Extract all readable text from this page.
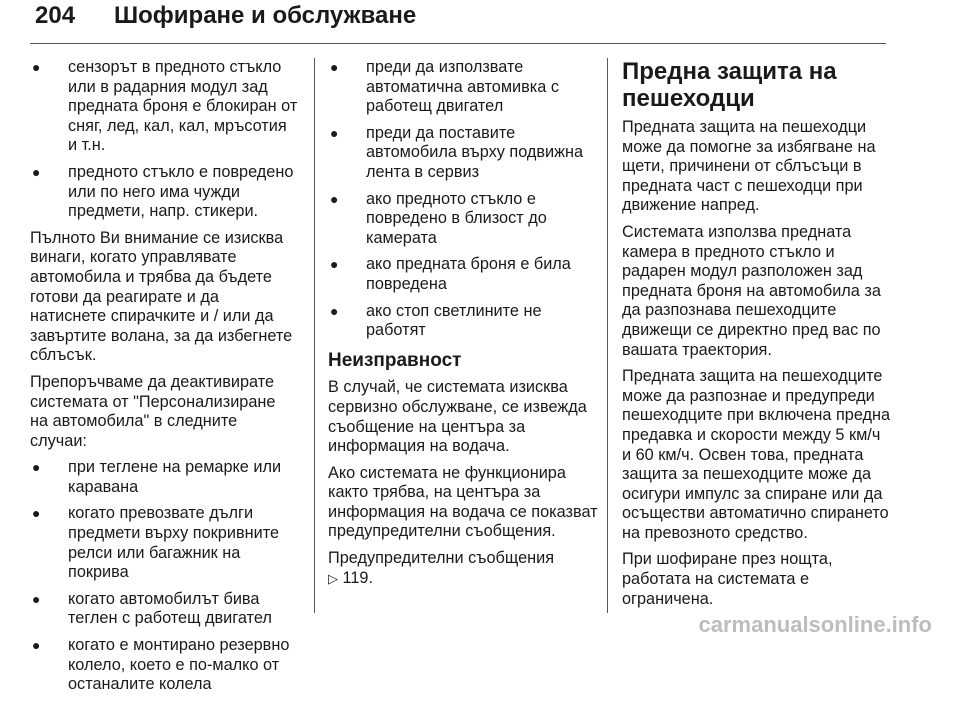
204 Шофиране и обслужване
● сензорът в предното стъкло или в радарния модул зад предната броня е блокиран от сняг, лед, кал, кал, мръсотия и т.н.
● предното стъкло е повредено или по него има чужди предмети, напр. стикери.

Пълното Ви внимание се изисква винаги, когато управлявате автомобила и трябва да бъдете готови да реагирате и да натиснете спирачките и / или да завъртите волана, за да избегнете сблъсък.

Препоръчваме да деактивирате системата от "Персонализиране на автомобила" в следните случаи:

● при теглене на ремарке или каравана
● когато превозвате дълги предмети върху покривните релси или багажник на покрива
● когато автомобилът бива теглен с работещ двигател
● когато е монтирано резервно колело, което е по-малко от останалите колела
● преди да използвате автоматична автомивка с работещ двигател
● преди да поставите автомобила върху подвижна лента в сервиз
● ако предното стъкло е повредено в близост до камерата
● ако предната броня е била повредена
● ако стоп светлините не работят
Неизправност

В случай, че системата изисква сервизно обслужване, се извежда съобщение на центъра за информация на водача.

Ако системата не функционира както трябва, на центъра за информация на водача се показват предупредителни съобщения.

Предупредителни съобщения

▷ 119.

Предна защита на пешеходци

Предната защита на пешеходци може да помогне за избягване на щети, причинени от сблъсъци в предната част с пешеходци при движение напред.

Системата използва предната камера в предното стъкло и радарен модул разположен зад предната броня на автомобила за да разпознава пешеходците движещи се директно пред вас по вашата траектория.

Предната защита на пешеходците може да разпознае и предупреди пешеходците при включена предна предавка и скорости между 5 км/ч и 60 км/ч. Освен това, предната защита за пешеходците може да осигури импулс за спиране или да осъществи автоматично спирането на превозното средство.

При шофиране през нощта, работата на системата е ограничена.

carmanualsonline.info
